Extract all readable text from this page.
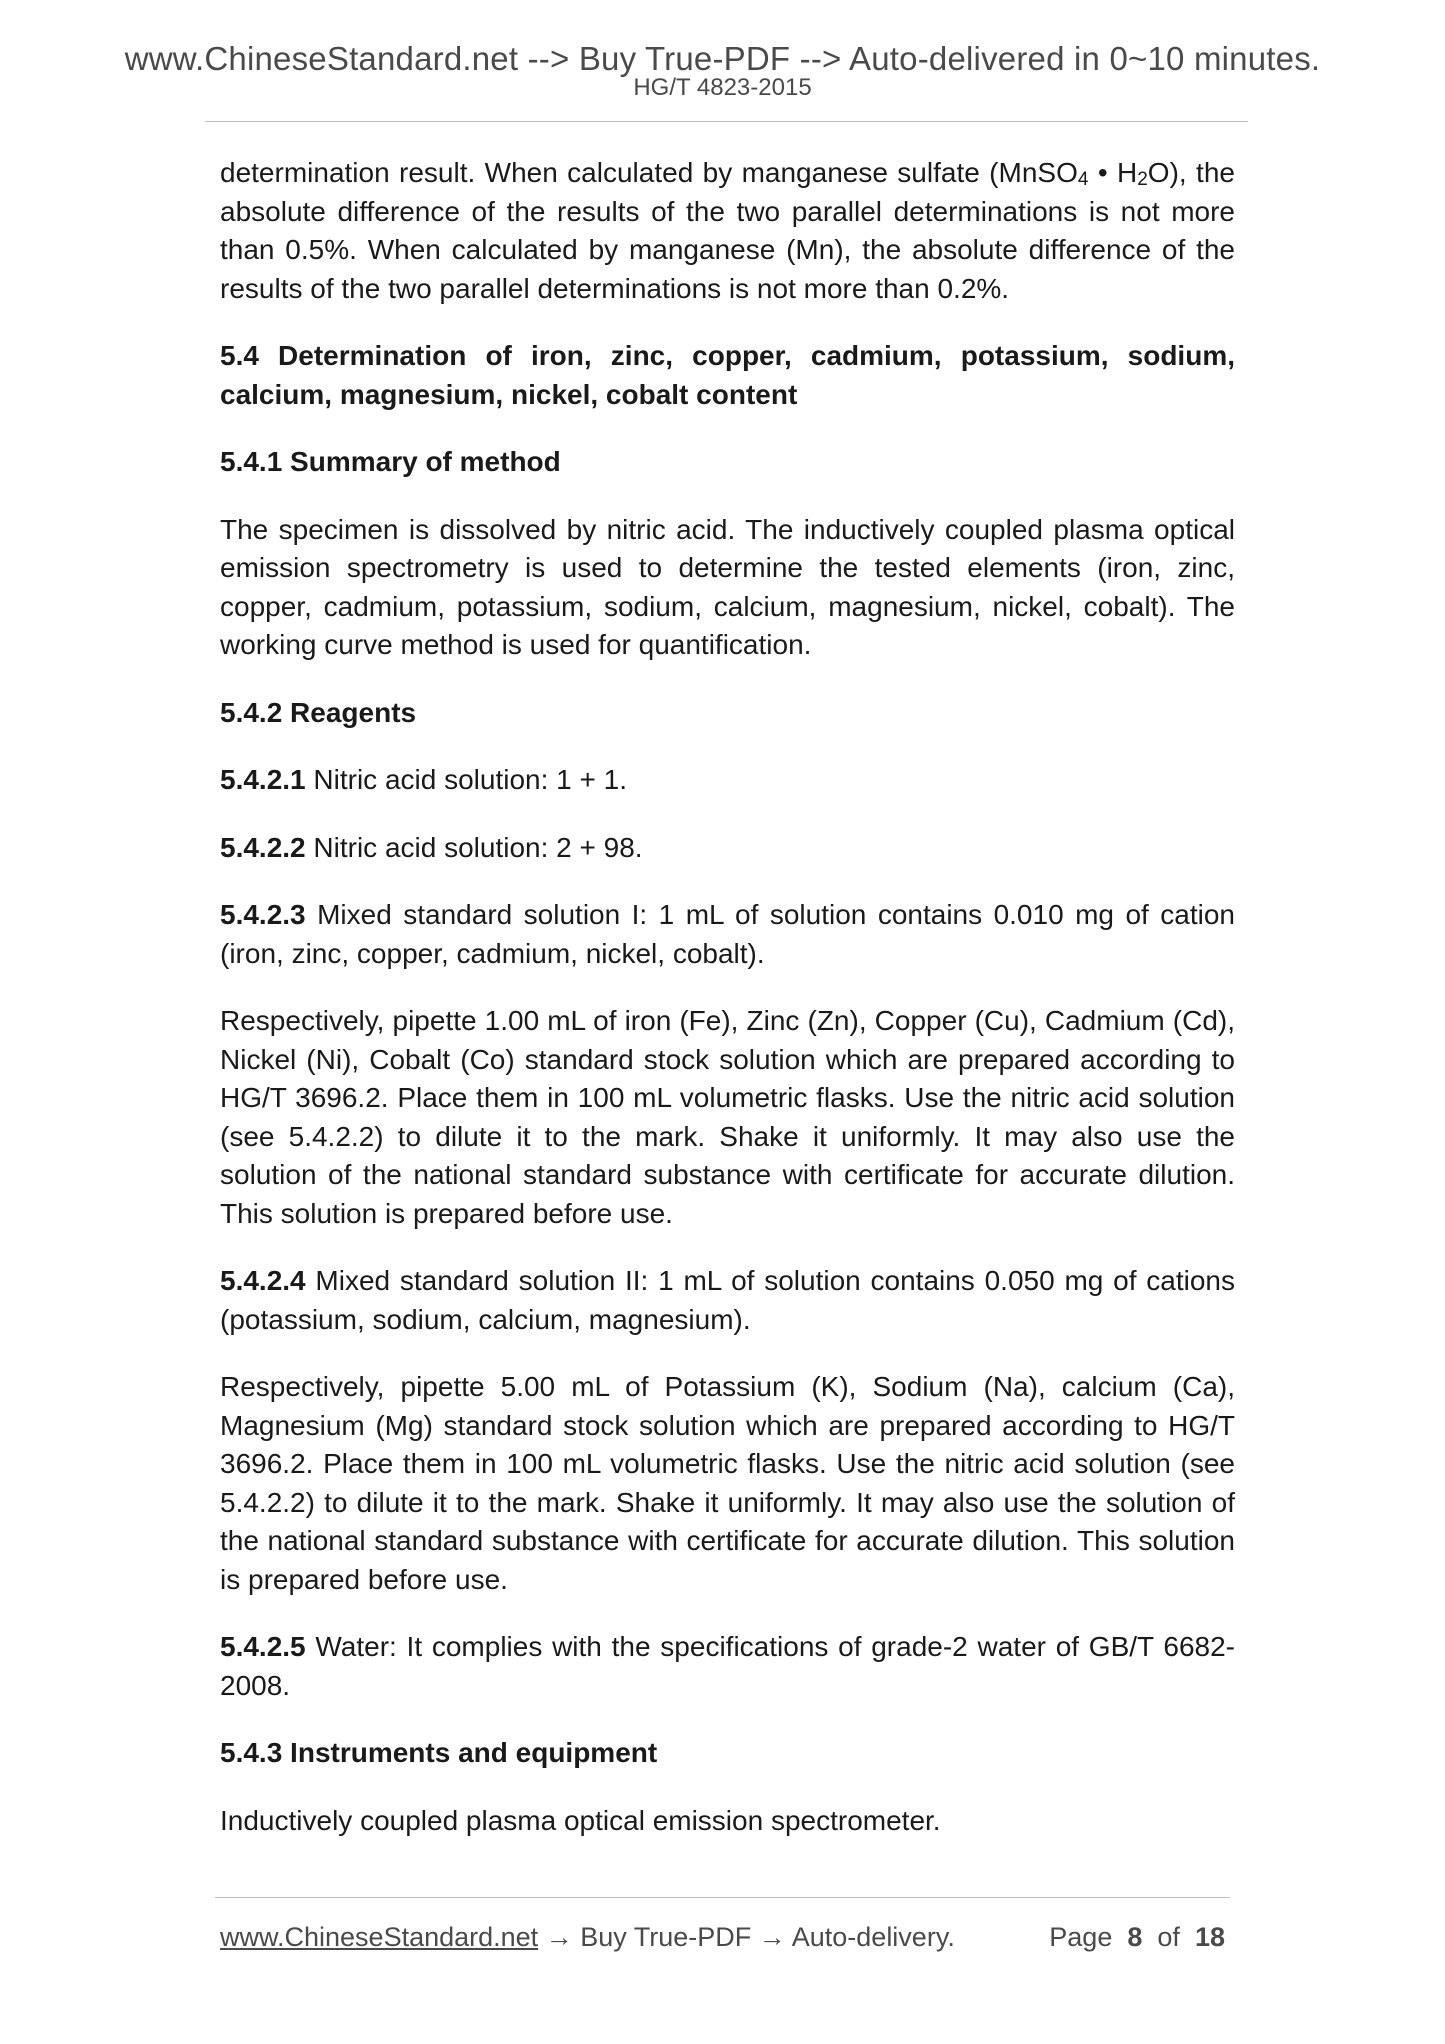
www.ChineseStandard.net --> Buy True-PDF --> Auto-delivered in 0~10 minutes.
HG/T 4823-2015

determination result. When calculated by manganese sulfate (MnSO$_4$ • $H_2O$), the absolute difference of the results of the two parallel determinations is not more than 0.5%. When calculated by manganese (Mn), the absolute difference of the results of the two parallel determinations is not more than 0.2%.

5.4 Determination of iron, zinc, copper, cadmium, potassium, sodium, calcium, magnesium, nickel, cobalt content

5.4.1 Summary of method

The specimen is dissolved by nitric acid. The inductively coupled plasma optical emission spectrometry is used to determine the tested elements (iron, zinc, copper, cadmium, potassium, sodium, calcium, magnesium, nickel, cobalt). The working curve method is used for quantification.

5.4.2 Reagents

5.4.2.1 Nitric acid solution: 1 + 1.

5.4.2.2 Nitric acid solution: 2 + 98.

5.4.2.3 Mixed standard solution I: 1 mL of solution contains 0.010 mg of cation (iron, zinc, copper, cadmium, nickel, cobalt).

Respectively, pipette 1.00 mL of iron (Fe), Zinc (Zn), Copper (Cu), Cadmium (Cd), Nickel (Ni), Cobalt (Co) standard stock solution which are prepared according to HG/T 3696.2. Place them in 100 mL volumetric flasks. Use the nitric acid solution (see 5.4.2.2) to dilute it to the mark. Shake it uniformly. It may also use the solution of the national standard substance with certificate for accurate dilution. This solution is prepared before use.

5.4.2.4 Mixed standard solution II: 1 mL of solution contains 0.050 mg of cations (potassium, sodium, calcium, magnesium).

Respectively, pipette 5.00 mL of Potassium (K), Sodium (Na), calcium (Ca), Magnesium (Mg) standard stock solution which are prepared according to HG/T 3696.2. Place them in 100 mL volumetric flasks. Use the nitric acid solution (see 5.4.2.2) to dilute it to the mark. Shake it uniformly. It may also use the solution of the national standard substance with certificate for accurate dilution. This solution is prepared before use.

5.4.2.5 Water: It complies with the specifications of grade-2 water of GB/T 6682-2008.

5.4.3 Instruments and equipment

Inductively coupled plasma optical emission spectrometer.

www.ChineseStandard.net → Buy True-PDF → Auto-delivery.	Page 8 of 18
